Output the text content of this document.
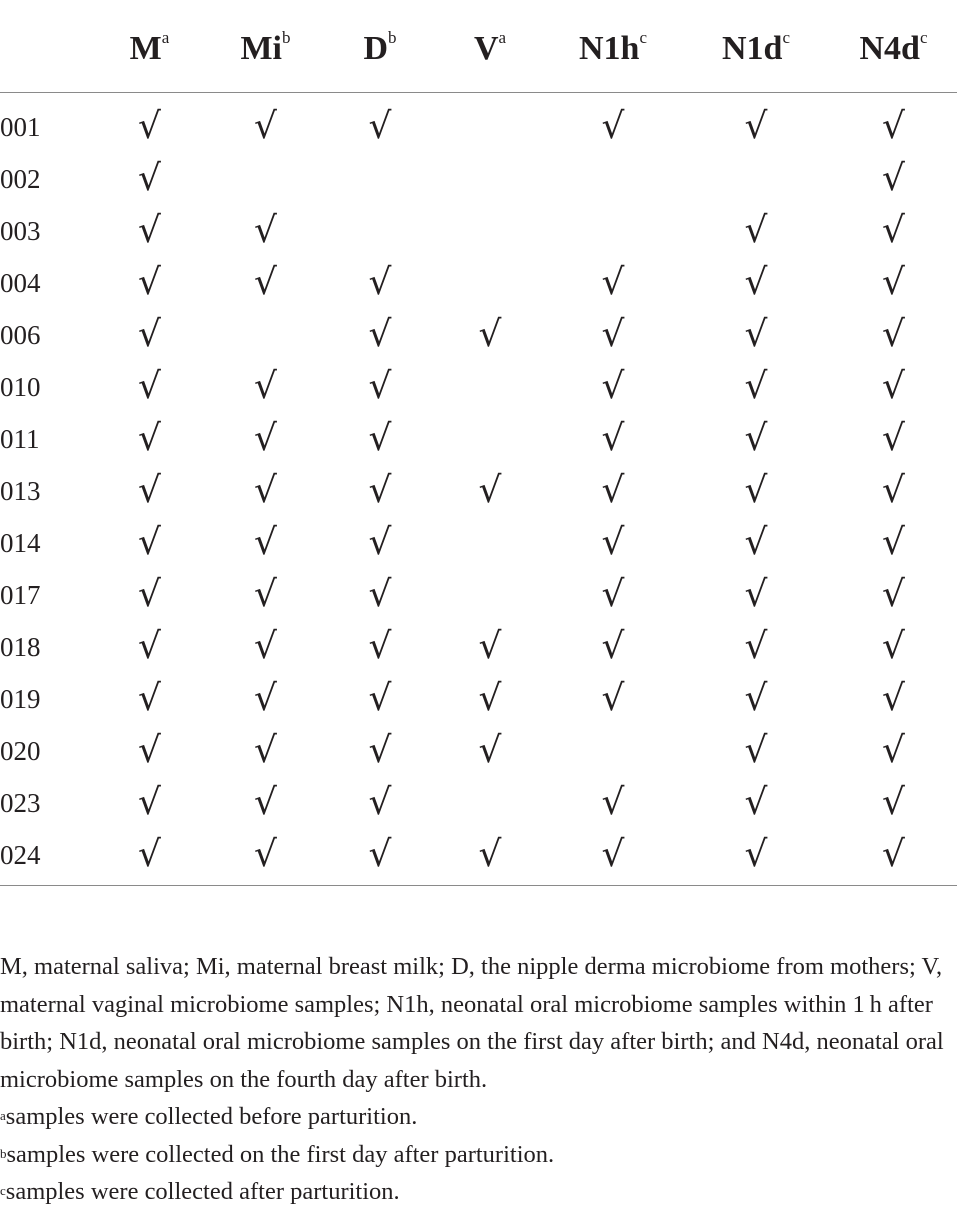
	$M^a$	Mi$^b$	$D^b$	$V^a$	$N1h^c$	$N1d^c$	$N4d^c$
001	√	√	√		√	√	√
002	√						√
003	√	√				√	√
004	√	√	√		√	√	√
006	√		√	√	√	√	√
010	√	√	√		√	√	√
011	√	√	√		√	√	√
013	√	√	√	√	√	√	√
014	√	√	√		√	√	√
017	√	√	√		√	√	√
018	√	√	√	√	√	√	√
019	√	√	√	√	√	√	√
020	√	√	√	√		√	√
023	√	√	√		√	√	√
024	√	√	√	√	√	√	√

M, maternal saliva; Mi, maternal breast milk; D, the nipple derma microbiome from mothers; V, maternal vaginal microbiome samples; N1h, neonatal oral microbiome samples within 1 h after birth; N1d, neonatal oral microbiome samples on the first day after birth; and N4d, neonatal oral microbiome samples on the fourth day after birth.

$^a$samples were collected before parturition.

$^b$samples were collected on the first day after parturition.

$^c$samples were collected after parturition.
